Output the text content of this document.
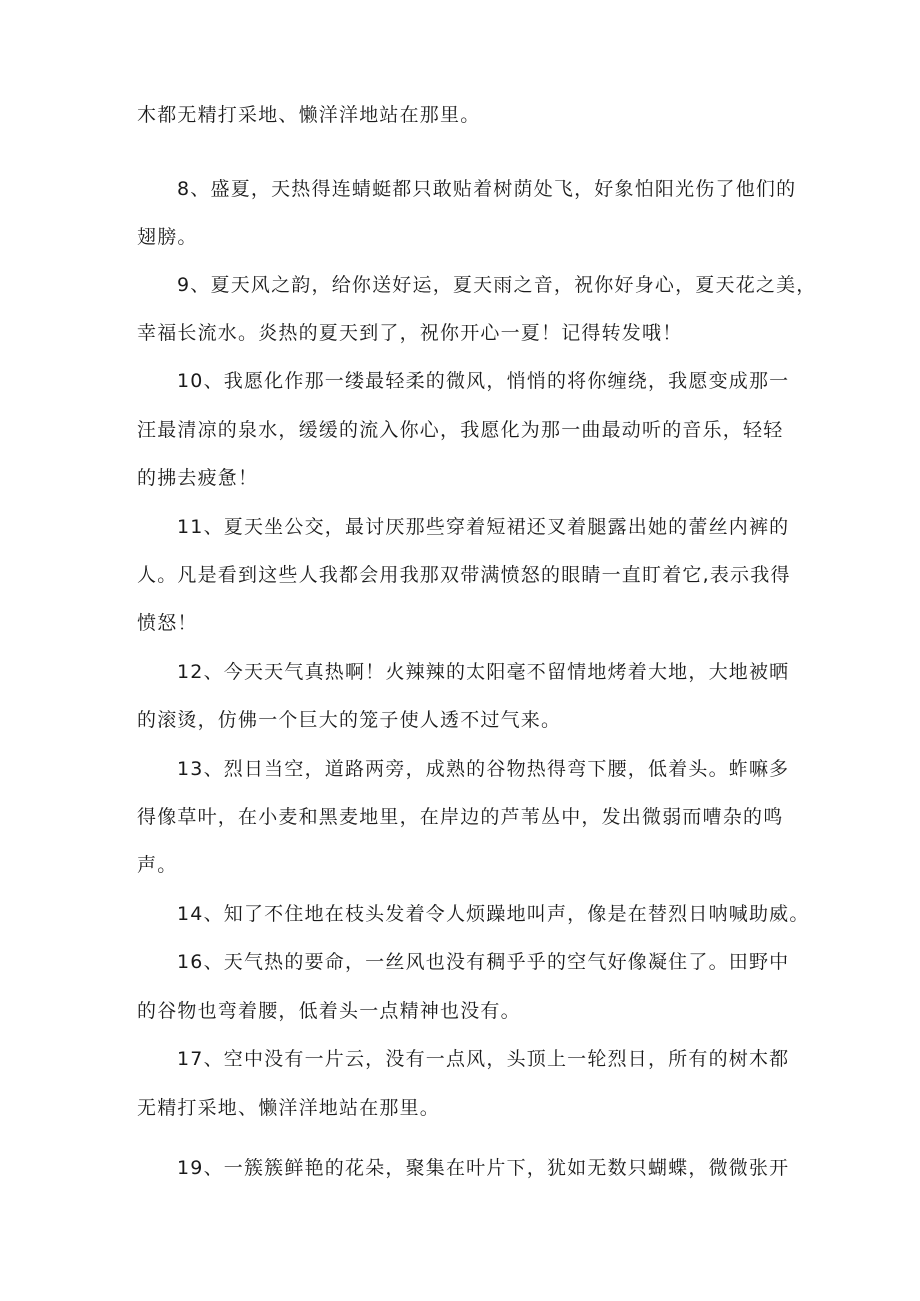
木都无精打采地、懒洋洋地站在那里。
8、盛夏，天热得连蜻蜓都只敢贴着树荫处飞，好象怕阳光伤了他们的
翅膀。
9、夏天风之韵，给你送好运，夏天雨之音，祝你好身心，夏天花之美，
幸福长流水。炎热的夏天到了，祝你开心一夏！记得转发哦！
10、我愿化作那一缕最轻柔的微风，悄悄的将你缠绕，我愿变成那一
汪最清凉的泉水，缓缓的流入你心，我愿化为那一曲最动听的音乐，轻轻
的拂去疲惫！
11、夏天坐公交，最讨厌那些穿着短裙还叉着腿露出她的蕾丝内裤的
人。凡是看到这些人我都会用我那双带满愤怒的眼睛一直盯着它,表示我得
愤怒！
12、今天天气真热啊！火辣辣的太阳毫不留情地烤着大地，大地被晒
的滚烫，仿佛一个巨大的笼子使人透不过气来。
13、烈日当空，道路两旁，成熟的谷物热得弯下腰，低着头。蚱嘛多
得像草叶，在小麦和黑麦地里，在岸边的芦苇丛中，发出微弱而嘈杂的鸣
声。
14、知了不住地在枝头发着令人烦躁地叫声，像是在替烈日呐喊助威。
16、天气热的要命，一丝风也没有稠乎乎的空气好像凝住了。田野中
的谷物也弯着腰，低着头一点精神也没有。
17、空中没有一片云，没有一点风，头顶上一轮烈日，所有的树木都
无精打采地、懒洋洋地站在那里。
19、一簇簇鲜艳的花朵，聚集在叶片下，犹如无数只蝴蝶，微微张开
